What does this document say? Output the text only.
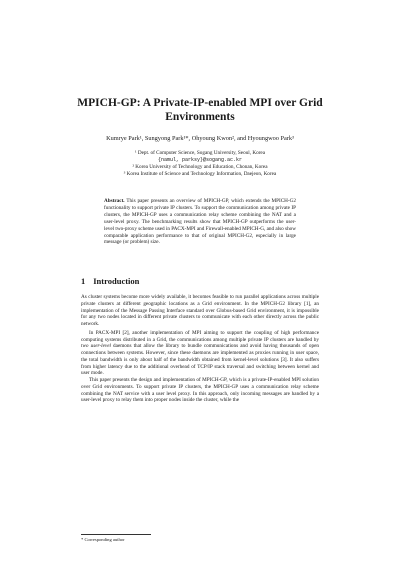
MPICH-GP: A Private-IP-enabled MPI over Grid
Environments
Kumrye Park¹, Sungyong Park¹*, Ohyoung Kwon², and Hyoungwoo Park³
¹ Dept. of Computer Science, Sogang University, Seoul, Korea
{namul, parksy}@sogang.ac.kr
² Korea University of Technology and Education, Chonan, Korea
³ Korea Institute of Science and Technology Information, Daejeon, Korea
Abstract. This paper presents an overview of MPICH-GP, which extends the MPICH-G2 functionality to support private IP clusters. To support the communication among private IP clusters, the MPICH-GP uses a communication relay scheme combining the NAT and a user-level proxy. The benchmarking results show that MPICH-GP outperforms the user-level two-proxy scheme used in PACX-MPI and Firewall-enabled MPICH-G, and also show comparable application performance to that of original MPICH-G2, especially in large message (or problem) size.
1 Introduction

As cluster systems become more widely available, it becomes feasible to run parallel applications across multiple private clusters at different geographic locations as a Grid environment. In the MPICH-G2 library [1], an implementation of the Message Passing Interface standard over Globus-based Grid environment, it is impossible for any two nodes located in different private clusters to communicate with each other directly across the public network.

In PACX-MPI [2], another implementation of MPI aiming to support the coupling of high performance computing systems distributed in a Grid, the communications among multiple private IP clusters are handled by two user-level daemons that allow the library to bundle communications and avoid having thousands of open connections between systems. However, since these daemons are implemented as proxies running in user space, the total bandwidth is only about half of the bandwidth obtained from kernel-level solutions [3]. It also suffers from higher latency due to the additional overhead of TCP/IP stack traversal and switching between kernel and user mode.

This paper presents the design and implementation of MPICH-GP, which is a private-IP-enabled MPI solution over Grid environments. To support private IP clusters, the MPICH-GP uses a communication relay scheme combining the NAT service with a user level proxy. In this approach, only incoming messages are handled by a user-level proxy to relay them into proper nodes inside the cluster, while the

* Corresponding author
